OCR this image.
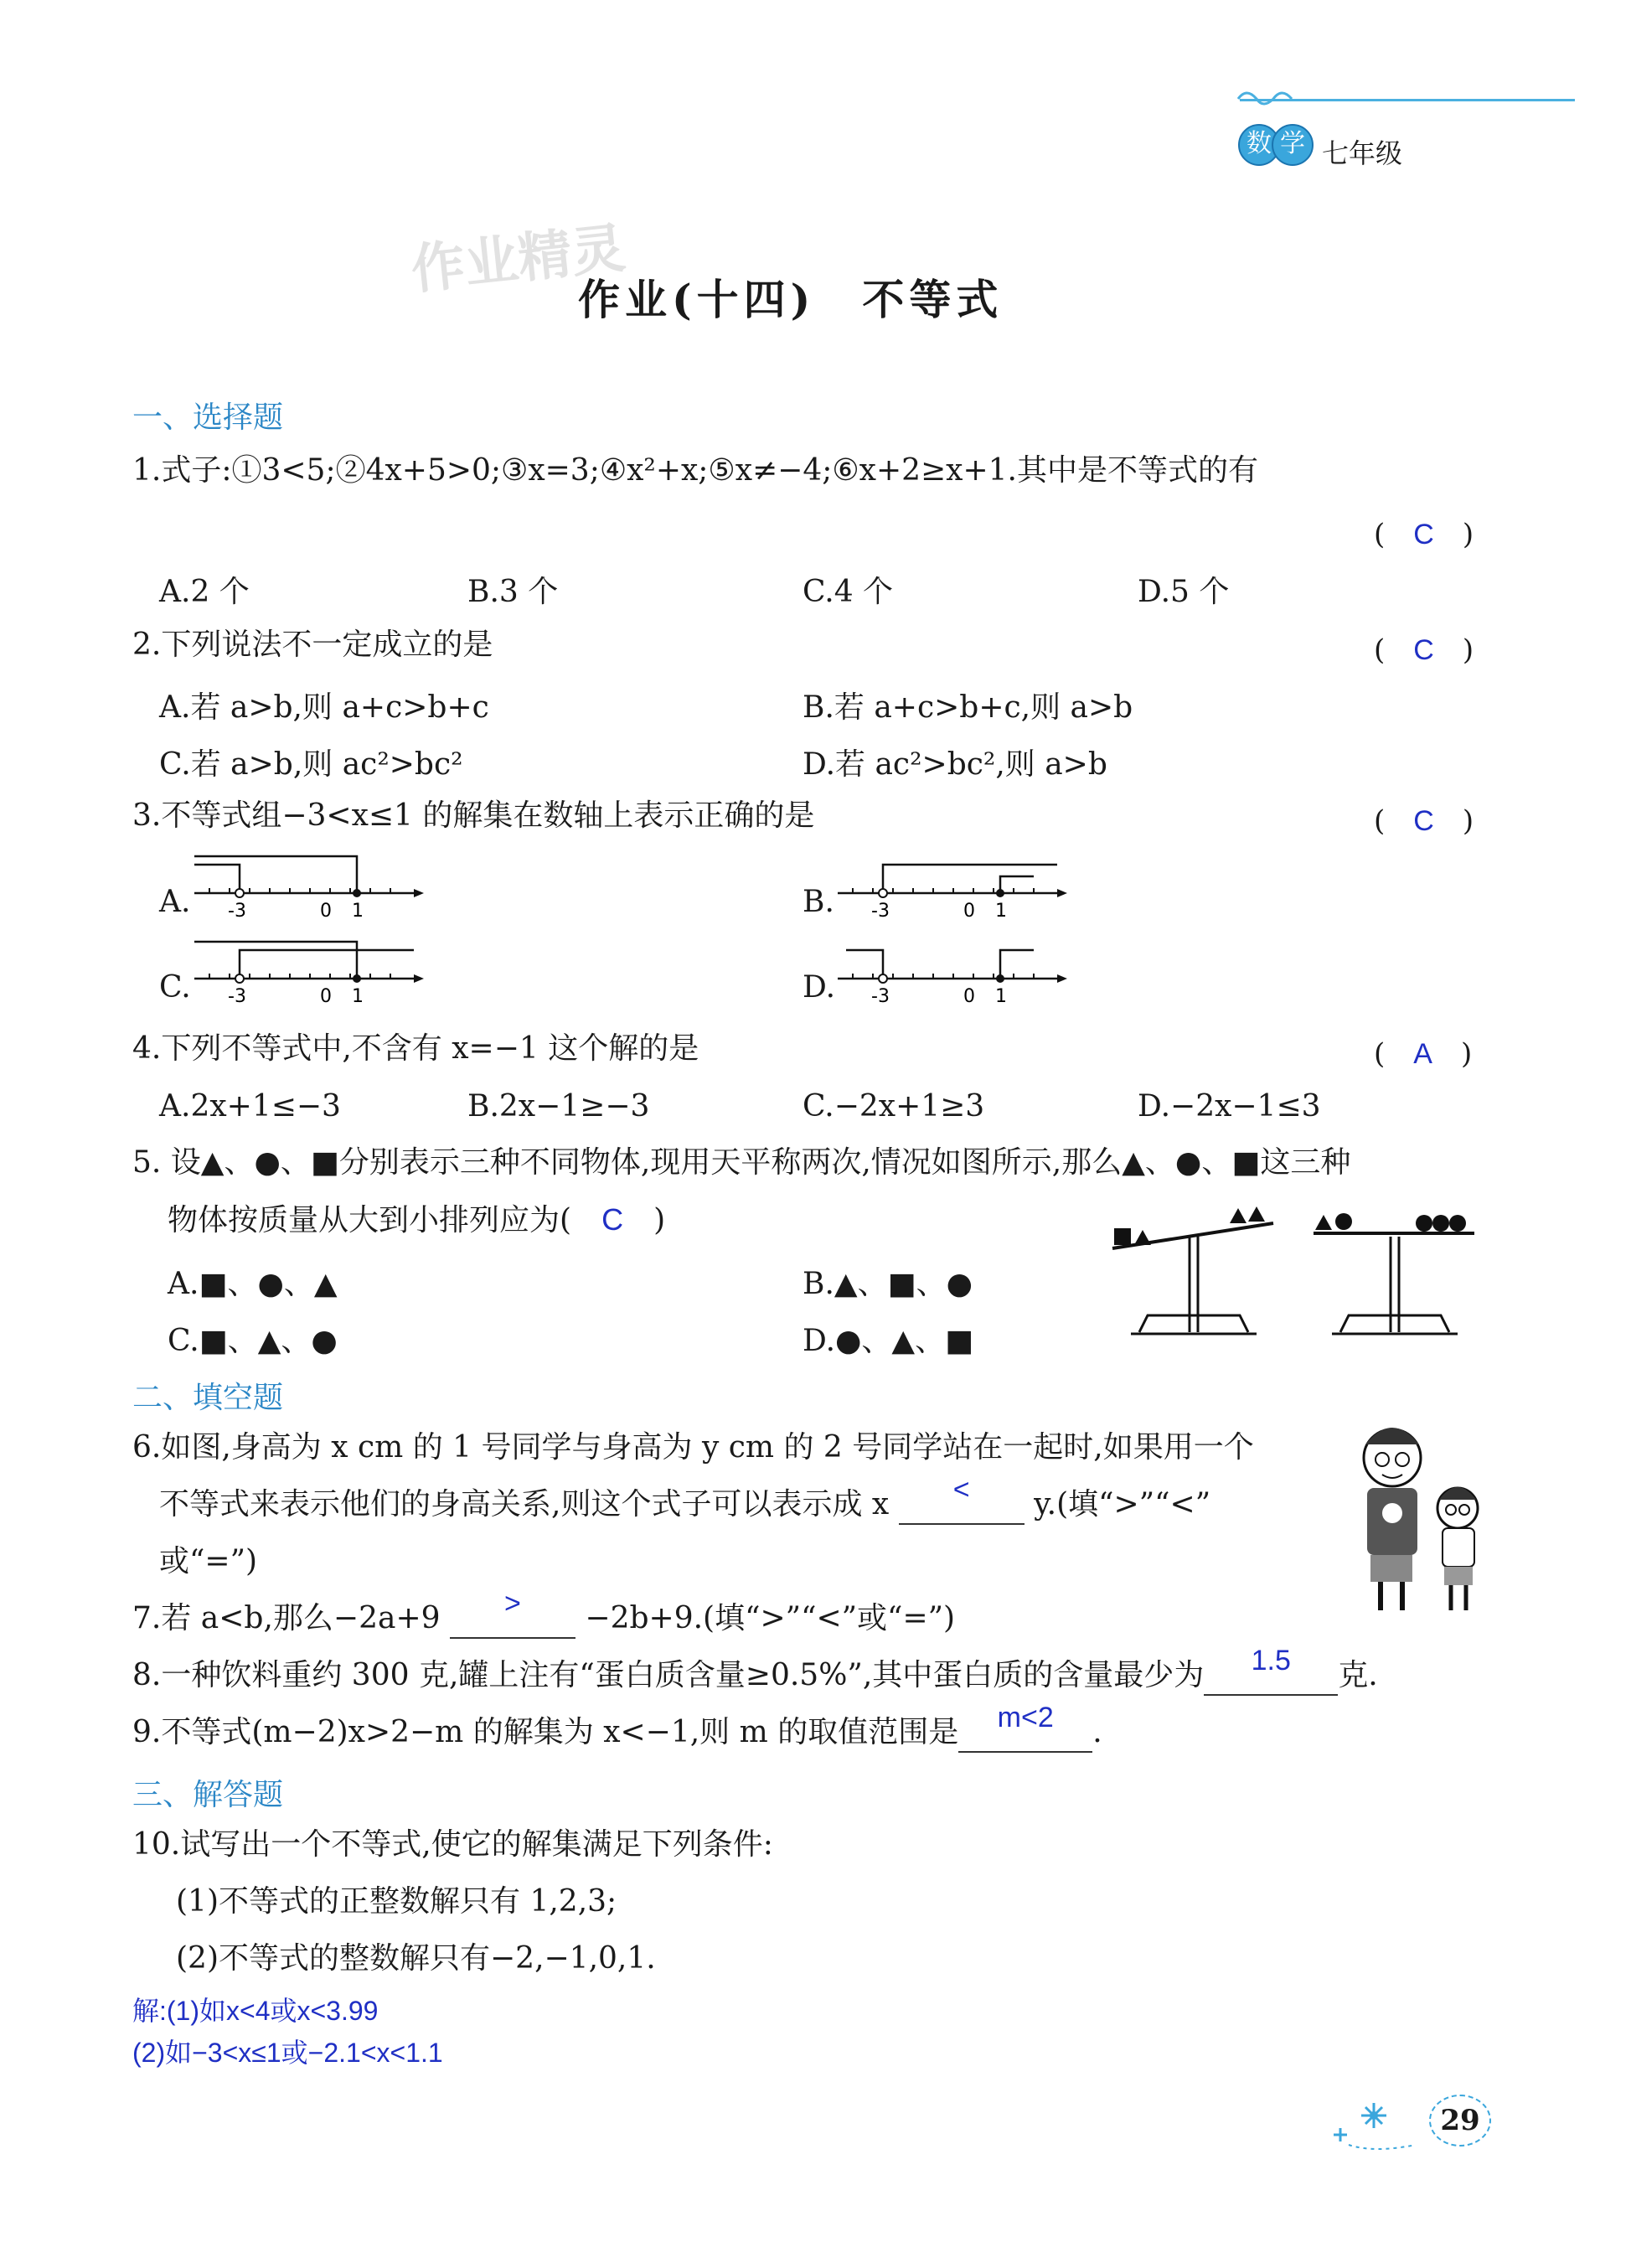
数 学 七年级
作业精灵
作业(十四)　不等式
一、选择题
1.式子:①3<5;②4x+5>0;③x=3;④x²+x;⑤x≠−4;⑥x+2≥x+1.其中是不等式的有
(　C　)
A.2 个	B.3 个	C.4 个	D.5 个
2.下列说法不一定成立的是	(　C　)
A.若 a>b,则 a+c>b+c	B.若 a+c>b+c,则 a>b
C.若 a>b,则 ac²>bc²	D.若 ac²>bc²,则 a>b
3.不等式组−3<x≤1 的解集在数轴上表示正确的是	(　C　)
A. -3	0 1	B. -3	0 1
C. -3	0 1	D. -3	0 1
4.下列不等式中,不含有 x=−1 这个解的是	(　A　)
A.2x+1≤−3	B.2x−1≥−3	C.−2x+1≥3	D.−2x−1≤3
5. 设▲、●、■分别表示三种不同物体,现用天平称两次,情况如图所示,那么▲、●、■这三种
物体按质量从大到小排列应为(　 C　 )
A.■、●、▲	B.▲、■、●
C.■、▲、●	D.●、▲、■
二、填空题
6.如图,身高为 x cm 的 1 号同学与身高为 y cm 的 2 号同学站在一起时,如果用一个
不等式来表示他们的身高关系,则这个式子可以表示成 x	<	y.(填“>”“<”
或“=”)
7.若 a<b,那么−2a+9	>	−2b+9.(填“>”“<”或“=”)
8.一种饮料重约 300 克,罐上注有“蛋白质含量≥0.5%”,其中蛋白质的含量最少为	1.5	克.
9.不等式(m−2)x>2−m 的解集为 x<−1,则 m 的取值范围是	m<2	.
三、解答题
10.试写出一个不等式,使它的解集满足下列条件:
(1)不等式的正整数解只有 1,2,3;
(2)不等式的整数解只有−2,−1,0,1.
解:(1)如x<4或x<3.99
(2)如−3<x≤1或−2.1<x<1.1
29
